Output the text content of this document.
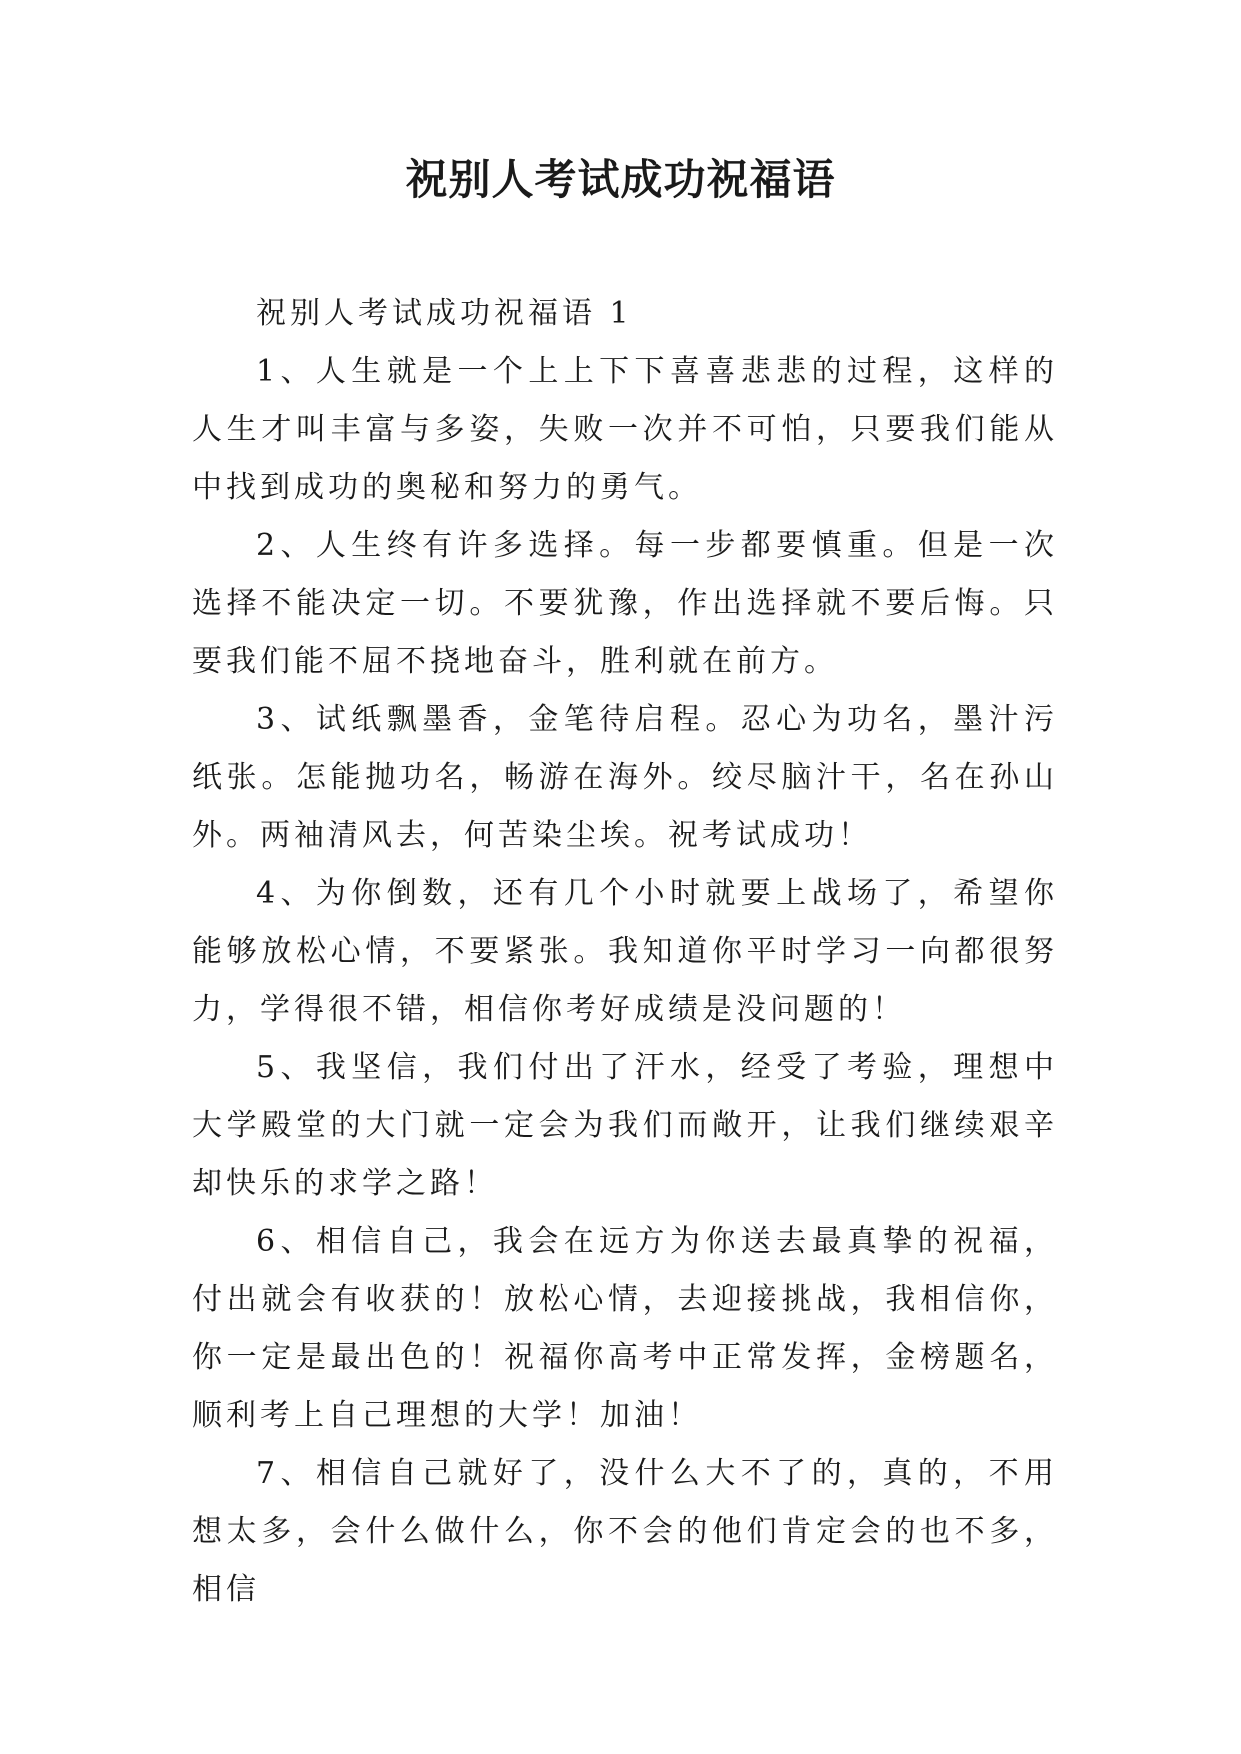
祝别人考试成功祝福语

祝别人考试成功祝福语 1

1、人生就是一个上上下下喜喜悲悲的过程，这样的人生才叫丰富与多姿，失败一次并不可怕，只要我们能从中找到成功的奥秘和努力的勇气。

2、人生终有许多选择。每一步都要慎重。但是一次选择不能决定一切。不要犹豫，作出选择就不要后悔。只要我们能不屈不挠地奋斗，胜利就在前方。

3、试纸飘墨香，金笔待启程。忍心为功名，墨汁污纸张。怎能抛功名，畅游在海外。绞尽脑汁干，名在孙山外。两袖清风去，何苦染尘埃。祝考试成功！

4、为你倒数，还有几个小时就要上战场了，希望你能够放松心情，不要紧张。我知道你平时学习一向都很努力，学得很不错，相信你考好成绩是没问题的！

5、我坚信，我们付出了汗水，经受了考验，理想中大学殿堂的大门就一定会为我们而敞开，让我们继续艰辛却快乐的求学之路！

6、相信自己，我会在远方为你送去最真挚的祝福，付出就会有收获的！放松心情，去迎接挑战，我相信你，你一定是最出色的！祝福你高考中正常发挥，金榜题名，顺利考上自己理想的大学！加油！

7、相信自己就好了，没什么大不了的，真的，不用想太多，会什么做什么，你不会的他们肯定会的也不多，相信
